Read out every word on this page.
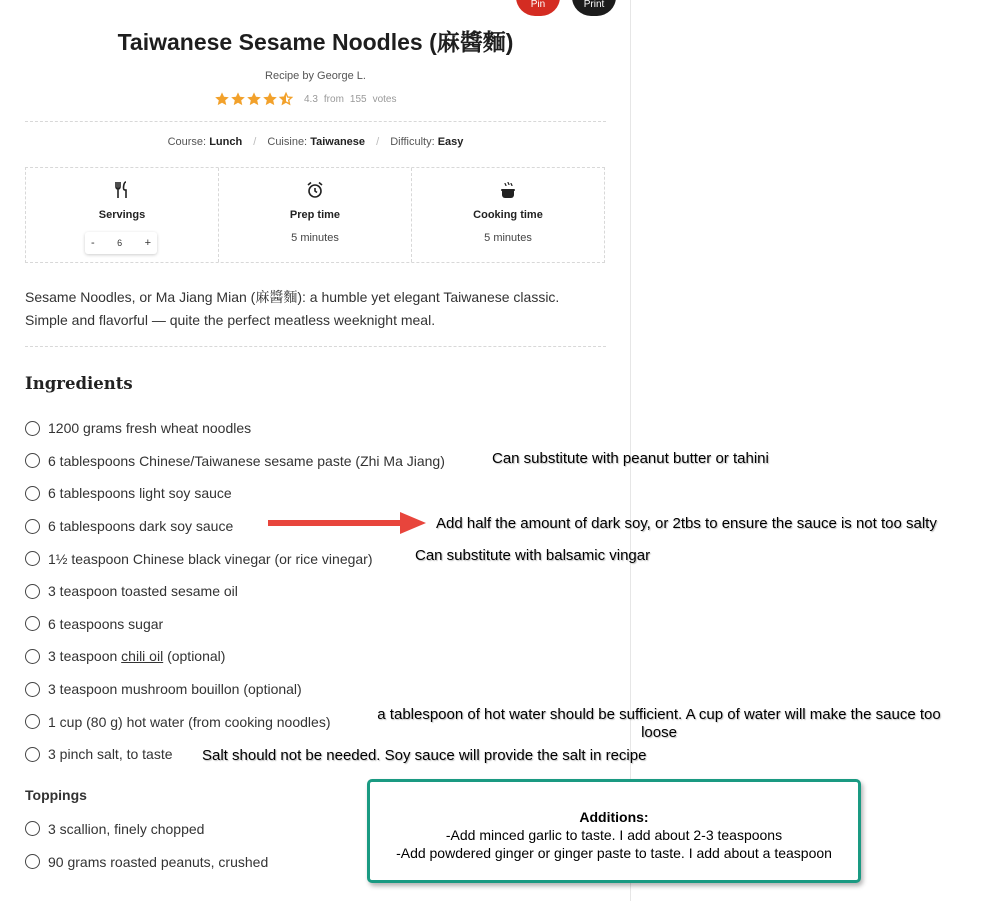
Pin	Print
Taiwanese Sesame Noodles (麻醬麵)
Recipe by George L.
4.3 from 155 votes
Course: Lunch / Cuisine: Taiwanese / Difficulty: Easy
Servings
- 6 +
Prep time
5 minutes
Cooking time
5 minutes
Sesame Noodles, or Ma Jiang Mian (麻醬麵): a humble yet elegant Taiwanese classic.
Simple and flavorful — quite the perfect meatless weeknight meal.
Ingredients
1200 grams fresh wheat noodles
6 tablespoons Chinese/Taiwanese sesame paste (Zhi Ma Jiang)
6 tablespoons light soy sauce
6 tablespoons dark soy sauce
1½ teaspoon Chinese black vinegar (or rice vinegar)
3 teaspoon toasted sesame oil
6 teaspoons sugar
3 teaspoon chili oil (optional)
3 teaspoon mushroom bouillon (optional)
1 cup (80 g) hot water (from cooking noodles)
3 pinch salt, to taste
Toppings
3 scallion, finely chopped
90 grams roasted peanuts, crushed
Can substitute with peanut butter or tahini
Add half the amount of dark soy, or 2tbs to ensure the sauce is not too salty
Can substitute with balsamic vingar
a tablespoon of hot water should be sufficient. A cup of water will make the sauce too loose
Salt should not be needed. Soy sauce will provide the salt in recipe
Additions:
-Add minced garlic to taste. I add about 2-3 teaspoons
-Add powdered ginger or ginger paste to taste. I add about a teaspoon
